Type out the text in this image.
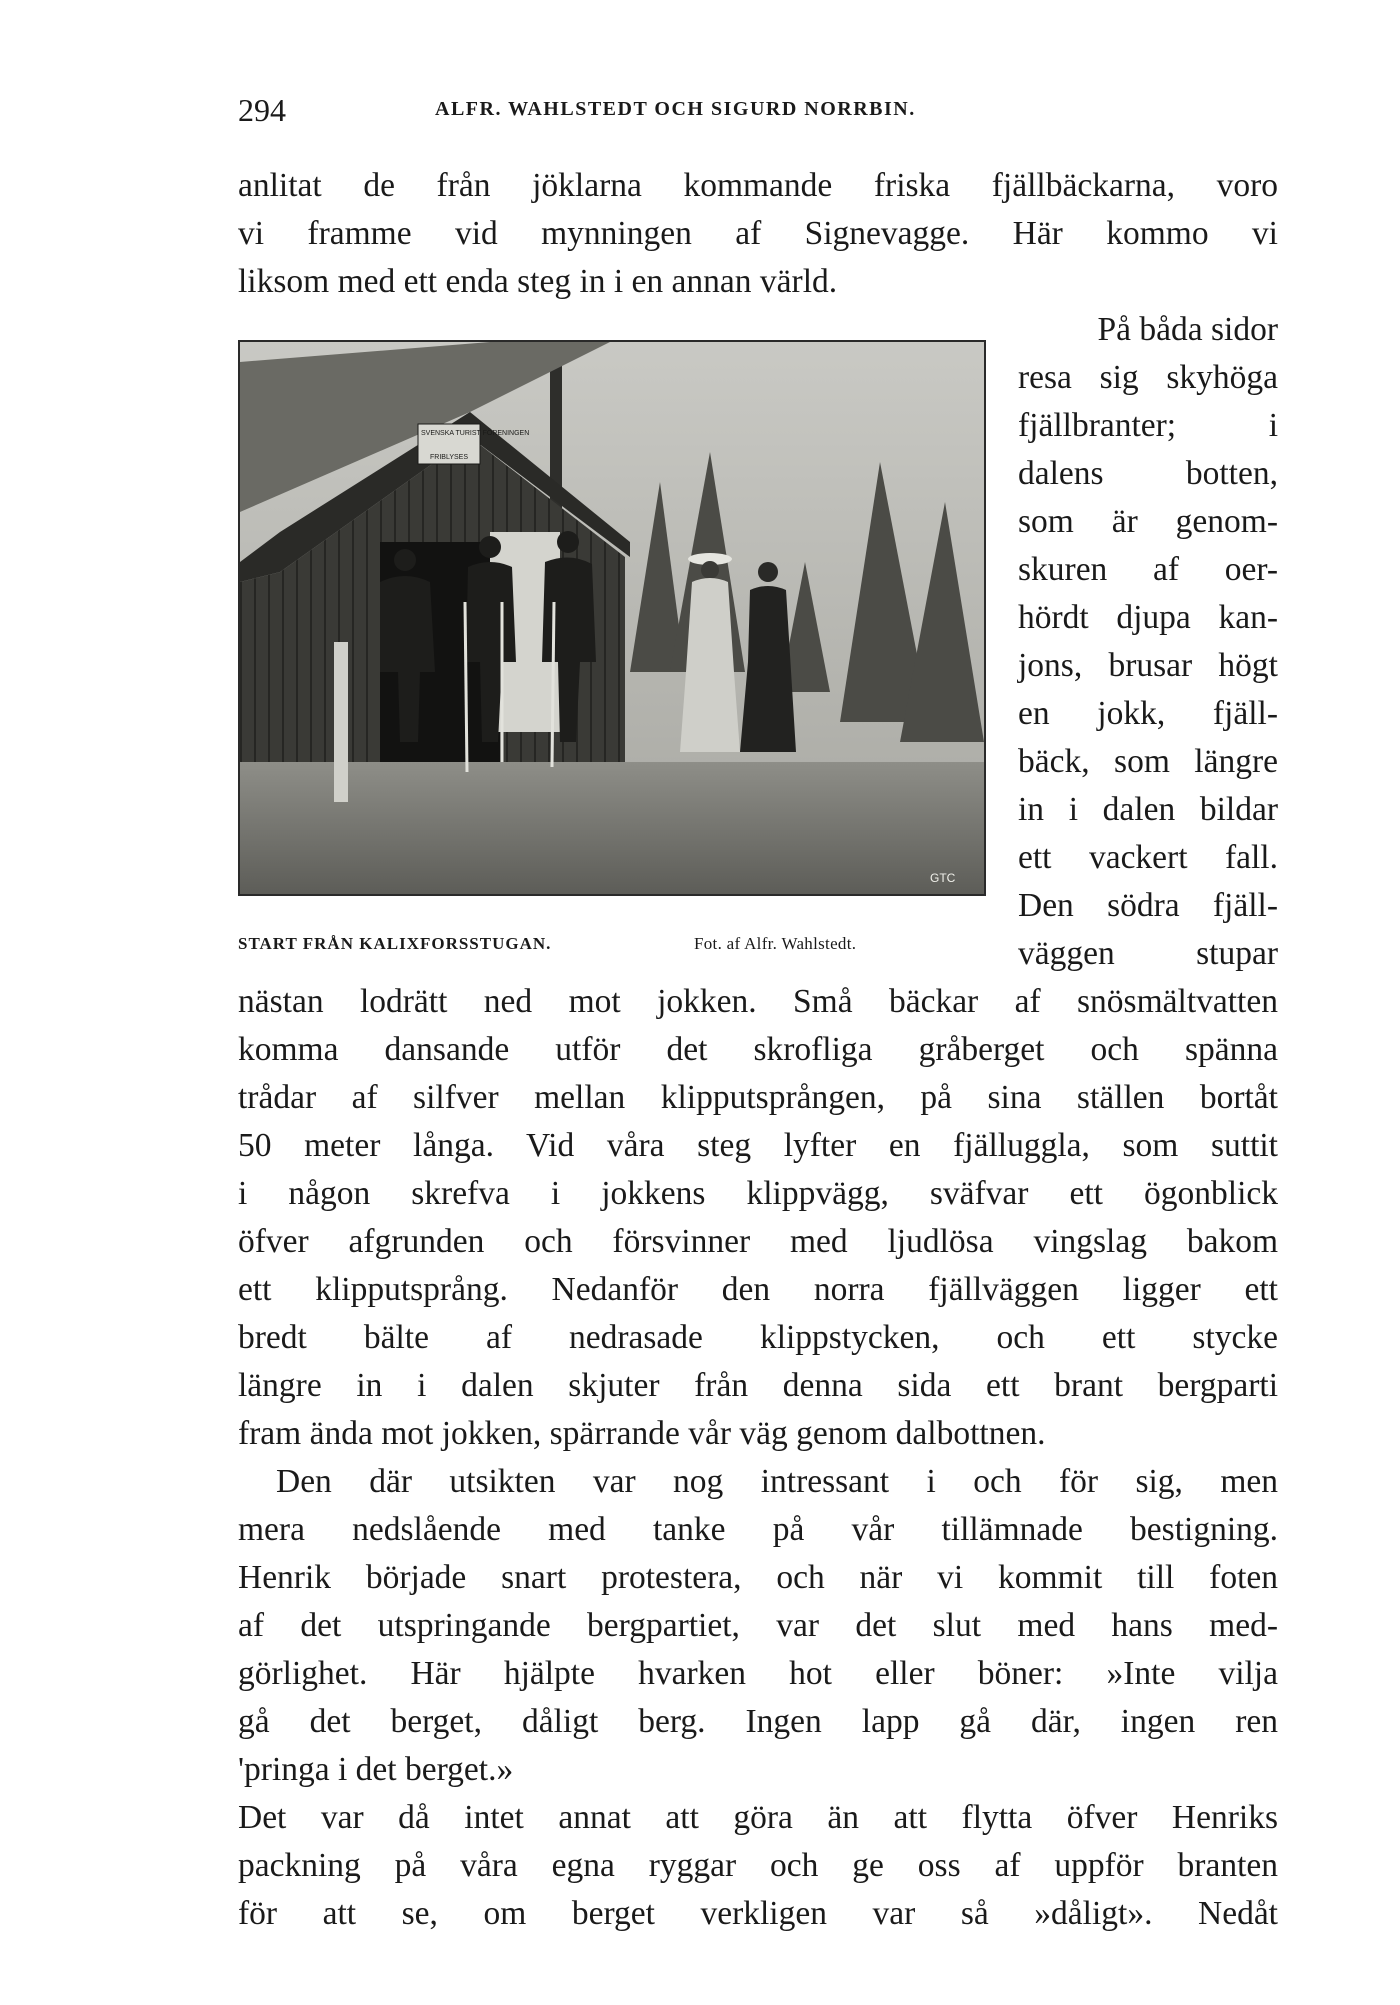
294	ALFR. WAHLSTEDT OCH SIGURD NORRBIN.
anlitat de från jöklarna kommande friska fjällbäckarna, voro
vi framme vid mynningen af Signevagge. Här kommo vi
liksom med ett enda steg in i en annan värld.
SVENSKA TURIST FÖRENINGEN
FRIBLYSES
GTC
På båda sidor
resa sig skyhöga
fjällbranter; i
dalens botten,
som är genom-
skuren af oer-
hördt djupa kan-
jons, brusar högt
en jokk, fjäll-
bäck, som längre
in i dalen bildar
ett vackert fall.
Den södra fjäll-
väggen stupar
START FRÅN KALIXFORSSTUGAN.	Fot. af Alfr. Wahlstedt.
nästan lodrätt ned mot jokken. Små bäckar af snösmältvatten
komma dansande utför det skrofliga gråberget och spänna
trådar af silfver mellan klipputsprången, på sina ställen bortåt
50 meter långa. Vid våra steg lyfter en fjälluggla, som suttit
i någon skrefva i jokkens klippvägg, sväfvar ett ögonblick
öfver afgrunden och försvinner med ljudlösa vingslag bakom
ett klipputsprång. Nedanför den norra fjällväggen ligger ett
bredt bälte af nedrasade klippstycken, och ett stycke
längre in i dalen skjuter från denna sida ett brant bergparti
fram ända mot jokken, spärrande vår väg genom dalbottnen.
Den där utsikten var nog intressant i och för sig, men
mera nedslående med tanke på vår tillämnade bestigning.
Henrik började snart protestera, och när vi kommit till foten
af det utspringande bergpartiet, var det slut med hans med-
görlighet. Här hjälpte hvarken hot eller böner: »Inte vilja
gå det berget, dåligt berg. Ingen lapp gå där, ingen ren
'pringa i det berget.»
Det var då intet annat att göra än att flytta öfver Henriks
packning på våra egna ryggar och ge oss af uppför branten
för att se, om berget verkligen var så »dåligt». Nedåt
